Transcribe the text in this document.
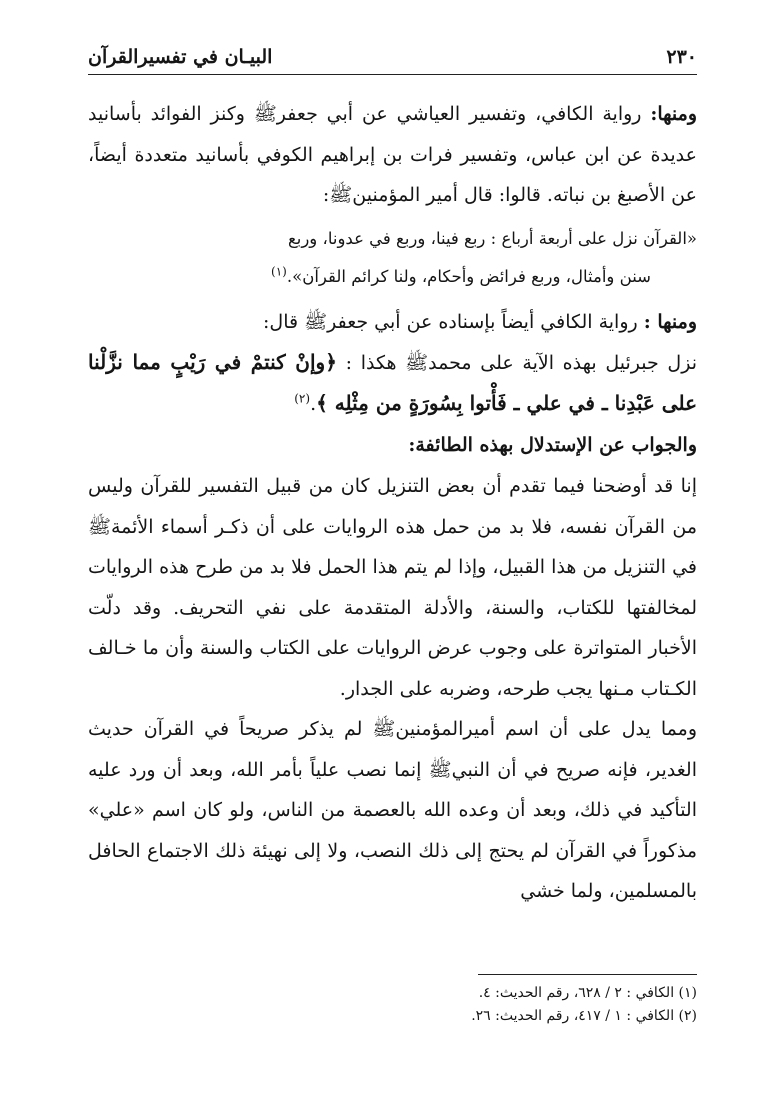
٢٣٠
البيـان في تفسيرالقرآن

ومنها: رواية الكافي، وتفسير العياشي عن أبي جعفرﷺ وكنز الفوائد بأسانيد عديدة عن ابن عباس، وتفسير فرات بن إبراهيم الكوفي بأسانيد متعددة أيضاً، عن الأصبغ بن نباته. قالوا: قال أمير المؤمنينﷺ:

«القرآن نزل على أربعة أرباع : ربع فينا، وربع في عدونا، وربع
سنن وأمثال، وربع فرائض وأحكام، ولنا كرائم القرآن».$^{(١)}$

ومنها : رواية الكافي أيضاً بإسناده عن أبي جعفرﷺ قال:

نزل جبرئيل بهذه الآية على محمدﷺ هكذا : ﴿وإنْ كنتمْ في رَيْبٍ مما نزَّلْنا على عَبْدِنا ـ في علي ـ فَأْتوا بِسُورَةٍ من مِثْلِه ﴾.$^{(٢)}$

والجواب عن الإستدلال بهذه الطائفة:

إنا قد أوضحنا فيما تقدم أن بعض التنزيل كان من قبيل التفسير للقرآن وليس من القرآن نفسه، فلا بد من حمل هذه الروايات على أن ذكـر أسماء الأئمةﷺ في التنزيل من هذا القبيل، وإذا لم يتم هذا الحمل فلا بد من طرح هذه الروايات لمخالفتها للكتاب، والسنة، والأدلة المتقدمة على نفي التحريف. وقد دلّت الأخبار المتواترة على وجوب عرض الروايات على الكتاب والسنة وأن ما خـالف الكـتاب مـنها يجب طرحه، وضربه على الجدار.

ومما يدل على أن اسم أميرالمؤمنينﷺ لم يذكر صريحاً في القرآن حديث الغدير، فإنه صريح في أن النبيﷺ إنما نصب علياً بأمر الله، وبعد أن ورد عليه التأكيد في ذلك، وبعد أن وعده الله بالعصمة من الناس، ولو كان اسم «علي» مذكوراً في القرآن لم يحتج إلى ذلك النصب، ولا إلى نهيئة ذلك الاجتماع الحافل بالمسلمين، ولما خشي

(١) الكافي : ٢ / ٦٢٨، رقم الحديث: ٤.
(٢) الكافي : ١ / ٤١٧، رقم الحديث: ٢٦.
